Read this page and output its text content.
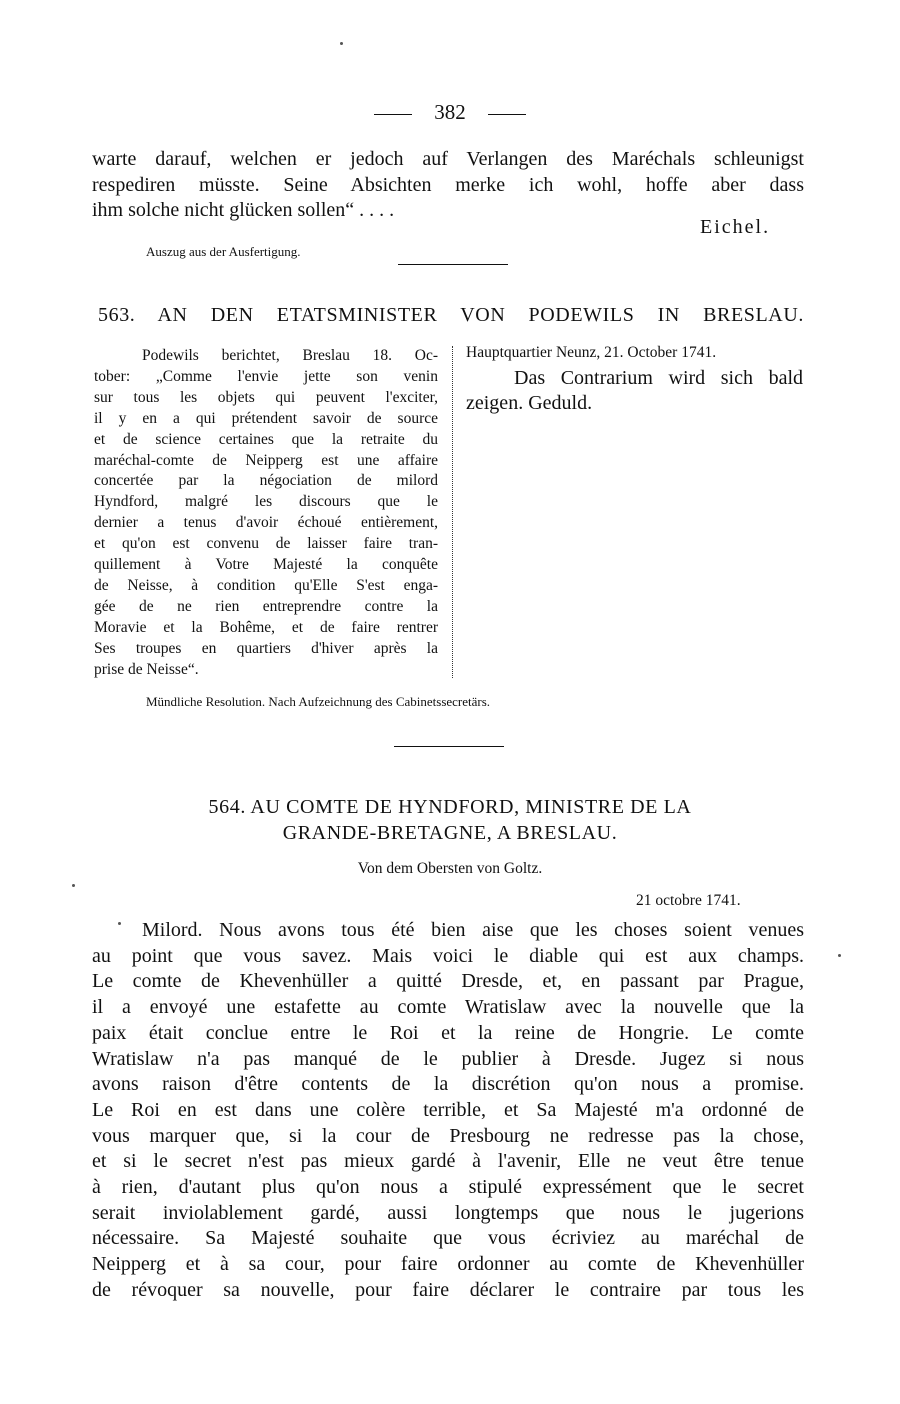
382
warte darauf, welchen er jedoch auf Verlangen des Maréchals schleunigst
respediren müsste. Seine Absichten merke ich wohl, hoffe aber dass
ihm solche nicht glücken sollen“ . . . .
Eichel.
Auszug aus der Ausfertigung.
563. AN DEN ETATSMINISTER VON PODEWILS IN BRESLAU.
Podewils berichtet, Breslau 18. Oc-
tober: „Comme l'envie jette son venin
sur tous les objets qui peuvent l'exciter,
il y en a qui prétendent savoir de source
et de science certaines que la retraite du
maréchal-comte de Neipperg est une affaire
concertée par la négociation de milord
Hyndford, malgré les discours que le
dernier a tenus d'avoir échoué entièrement,
et qu'on est convenu de laisser faire tran-
quillement à Votre Majesté la conquête
de Neisse, à condition qu'Elle S'est enga-
gée de ne rien entreprendre contre la
Moravie et la Bohême, et de faire rentrer
Ses troupes en quartiers d'hiver après la
prise de Neisse“.
Hauptquartier Neunz, 21. October 1741.
Das Contrarium wird sich bald
zeigen. Geduld.
Mündliche Resolution. Nach Aufzeichnung des Cabinetssecretärs.
564. AU COMTE DE HYNDFORD, MINISTRE DE LA
GRANDE-BRETAGNE, A BRESLAU.
Von dem Obersten von Goltz.
21 octobre 1741.
Milord. Nous avons tous été bien aise que les choses soient venues
au point que vous savez. Mais voici le diable qui est aux champs.
Le comte de Khevenhüller a quitté Dresde, et, en passant par Prague,
il a envoyé une estafette au comte Wratislaw avec la nouvelle que la
paix était conclue entre le Roi et la reine de Hongrie. Le comte
Wratislaw n'a pas manqué de le publier à Dresde. Jugez si nous
avons raison d'être contents de la discrétion qu'on nous a promise.
Le Roi en est dans une colère terrible, et Sa Majesté m'a ordonné de
vous marquer que, si la cour de Presbourg ne redresse pas la chose,
et si le secret n'est pas mieux gardé à l'avenir, Elle ne veut être tenue
à rien, d'autant plus qu'on nous a stipulé expressément que le secret
serait inviolablement gardé, aussi longtemps que nous le jugerions
nécessaire. Sa Majesté souhaite que vous écriviez au maréchal de
Neipperg et à sa cour, pour faire ordonner au comte de Khevenhüller
de révoquer sa nouvelle, pour faire déclarer le contraire par tous les
